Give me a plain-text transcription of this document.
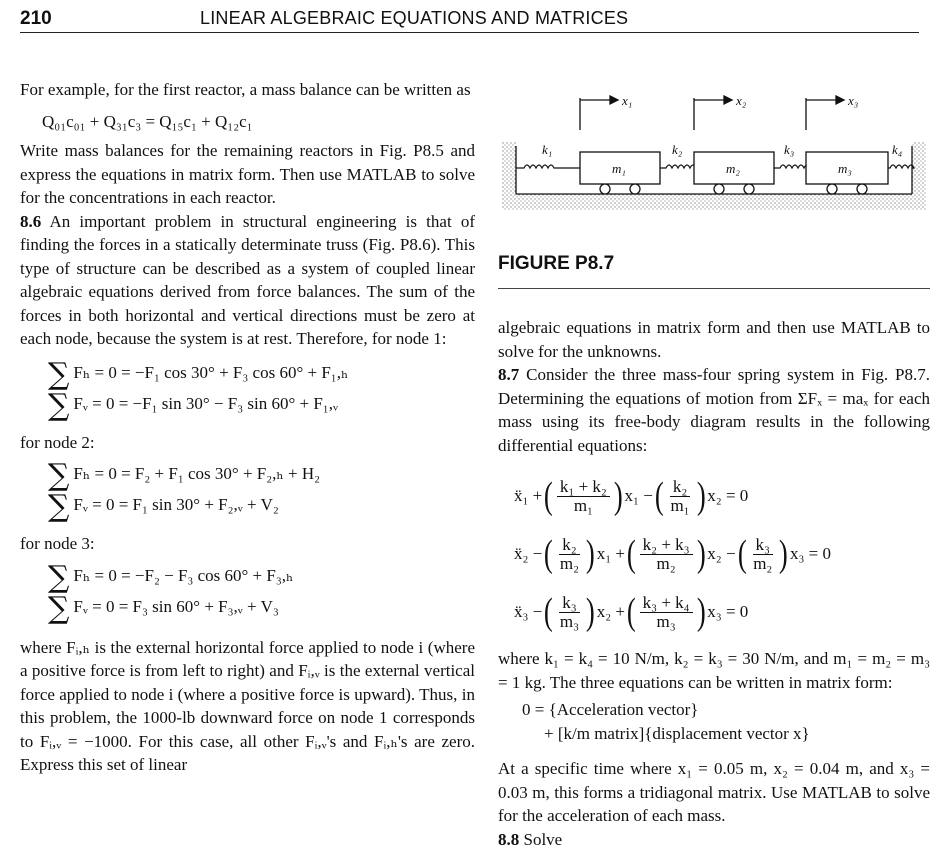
210	LINEAR ALGEBRAIC EQUATIONS AND MATRICES

For example, for the first reactor, a mass balance can be written as

Q₀₁c₀₁ + Q₃₁c₃ = Q₁₅c₁ + Q₁₂c₁

Write mass balances for the remaining reactors in Fig. P8.5 and express the equations in matrix form. Then use MATLAB to solve for the concentrations in each reactor.

8.6 An important problem in structural engineering is that of finding the forces in a statically determinate truss (Fig. P8.6). This type of structure can be described as a system of coupled linear algebraic equations derived from force balances. The sum of the forces in both horizontal and vertical directions must be zero at each node, because the system is at rest. Therefore, for node 1:

∑ Fₕ = 0 = −F₁ cos 30° + F₃ cos 60° + F₁,ₕ
∑ Fᵥ = 0 = −F₁ sin 30° − F₃ sin 60° + F₁,ᵥ
for node 2:
∑ Fₕ = 0 = F₂ + F₁ cos 30° + F₂,ₕ + H₂
∑ Fᵥ = 0 = F₁ sin 30° + F₂,ᵥ + V₂
for node 3:
∑ Fₕ = 0 = −F₂ − F₃ cos 60° + F₃,ₕ
∑ Fᵥ = 0 = F₃ sin 60° + F₃,ᵥ + V₃

where Fᵢ,ₕ is the external horizontal force applied to node i (where a positive force is from left to right) and Fᵢ,ᵥ is the external vertical force applied to node i (where a positive force is upward). Thus, in this problem, the 1000-lb downward force on node 1 corresponds to Fᵢ,ᵥ = −1000. For this case, all other Fᵢ,ᵥ's and Fᵢ,ₕ's are zero. Express this set of linear

x₁	x₂	x₃
k₁	k₂	k₃	k₄
m₁	m₂	m₃
FIGURE P8.7

algebraic equations in matrix form and then use MATLAB to solve for the unknowns.

8.7 Consider the three mass-four spring system in Fig. P8.7. Determining the equations of motion from ΣFₓ = maₓ for each mass using its free-body diagram results in the following differential equations:

ẍ₁ + ( $\frac{\text{k₁ + k₂}}{\text{m₁}}$ ) x₁ − ( $\frac{\text{k₂}}{\text{m₁}}$ ) x₂ = 0
ẍ₂ − ( $\frac{\text{k₂}}{\text{m₂}}$ ) x₁ + ( $\frac{\text{k₂ + k₃}}{\text{m₂}}$ ) x₂ − ( $\frac{\text{k₃}}{\text{m₂}}$ ) x₃ = 0
ẍ₃ − ( $\frac{\text{k₃}}{\text{m₃}}$ ) x₂ + ( $\frac{\text{k₃ + k₄}}{\text{m₃}}$ ) x₃ = 0

where k₁ = k₄ = 10 N/m, k₂ = k₃ = 30 N/m, and m₁ = m₂ = m₃ = 1 kg. The three equations can be written in matrix form:

0 = {Acceleration vector}
+ [k/m matrix]{displacement vector x}

At a specific time where x₁ = 0.05 m, x₂ = 0.04 m, and x₃ = 0.03 m, this forms a tridiagonal matrix. Use MATLAB to solve for the acceleration of each mass.

8.8 Solve
